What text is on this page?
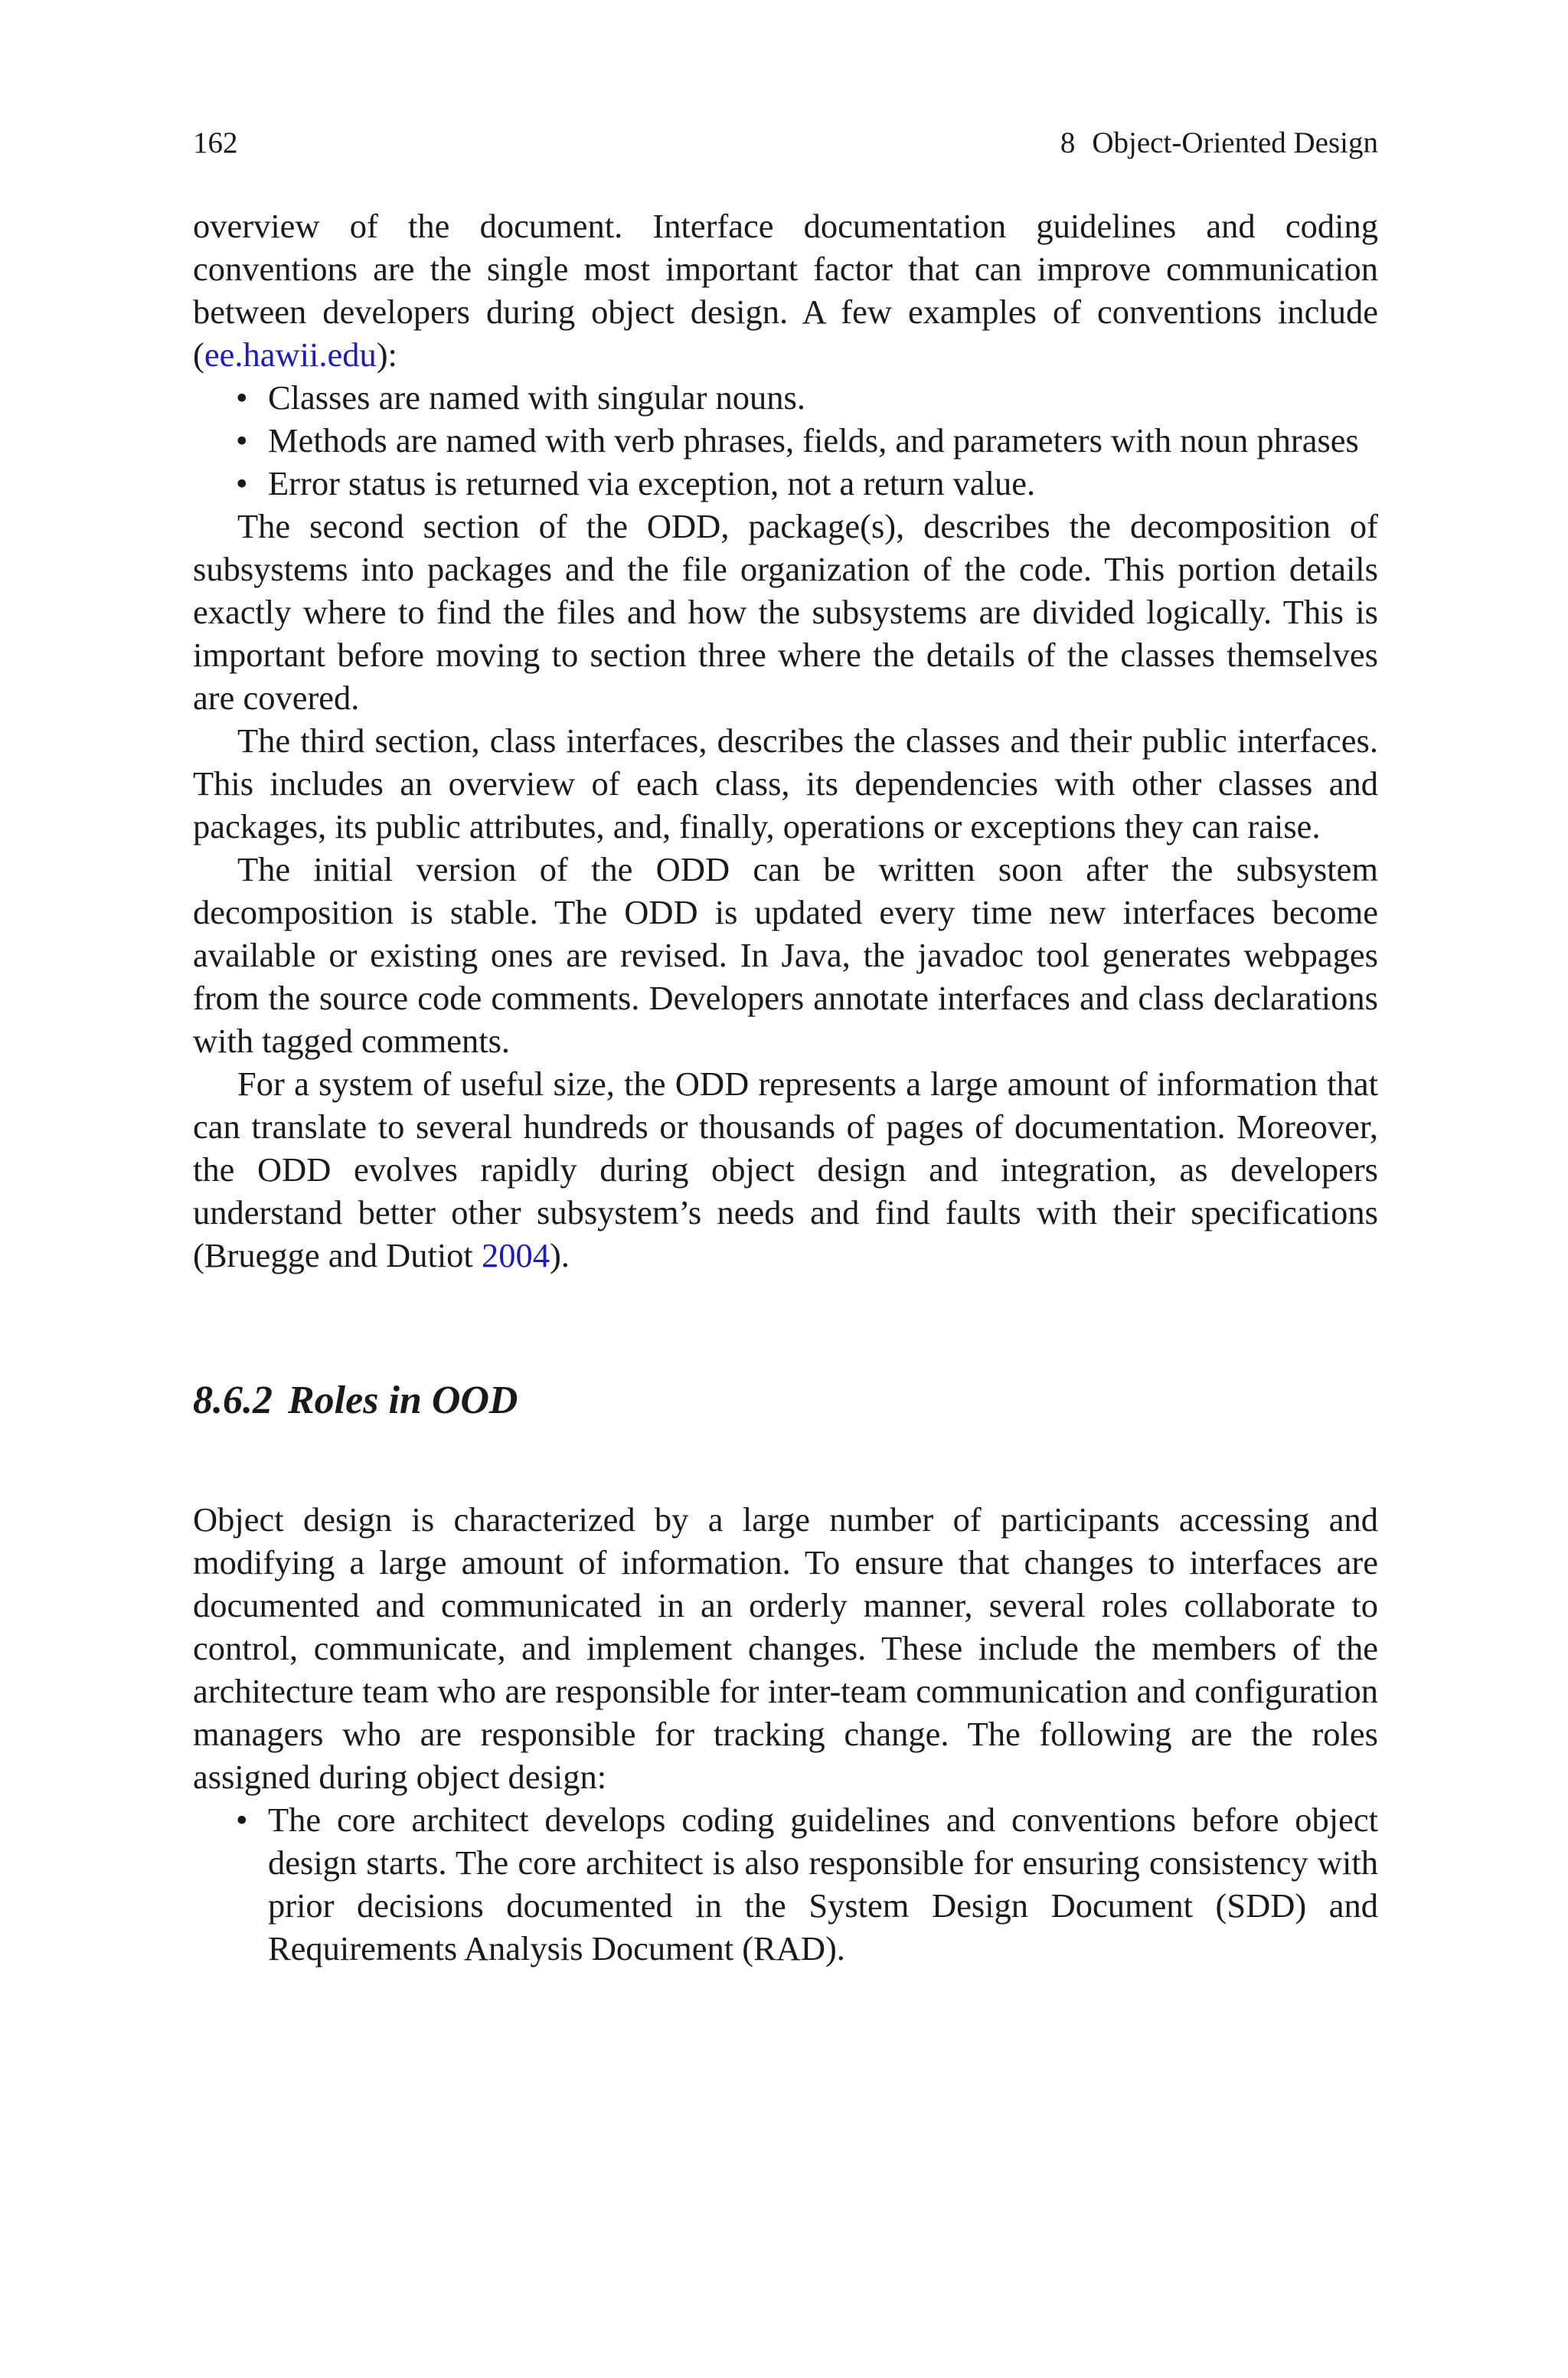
162	8 Object-Oriented Design

overview of the document. Interface documentation guidelines and coding conventions are the single most important factor that can improve communication between developers during object design. A few examples of conventions include (ee.hawii.edu):

• Classes are named with singular nouns.
• Methods are named with verb phrases, fields, and parameters with noun phrases
• Error status is returned via exception, not a return value.

The second section of the ODD, package(s), describes the decomposition of subsystems into packages and the file organization of the code. This portion details exactly where to find the files and how the subsystems are divided logically. This is important before moving to section three where the details of the classes themselves are covered.

The third section, class interfaces, describes the classes and their public interfaces. This includes an overview of each class, its dependencies with other classes and packages, its public attributes, and, finally, operations or exceptions they can raise.

The initial version of the ODD can be written soon after the subsystem decomposition is stable. The ODD is updated every time new interfaces become available or existing ones are revised. In Java, the javadoc tool generates webpages from the source code comments. Developers annotate interfaces and class declarations with tagged comments.

For a system of useful size, the ODD represents a large amount of information that can translate to several hundreds or thousands of pages of documentation. Moreover, the ODD evolves rapidly during object design and integration, as developers understand better other subsystem’s needs and find faults with their specifications (Bruegge and Dutiot 2004).

8.6.2 Roles in OOD

Object design is characterized by a large number of participants accessing and modifying a large amount of information. To ensure that changes to interfaces are documented and communicated in an orderly manner, several roles collaborate to control, communicate, and implement changes. These include the members of the architecture team who are responsible for inter-team communication and configuration managers who are responsible for tracking change. The following are the roles assigned during object design:

• The core architect develops coding guidelines and conventions before object design starts. The core architect is also responsible for ensuring consistency with prior decisions documented in the System Design Document (SDD) and Requirements Analysis Document (RAD).
